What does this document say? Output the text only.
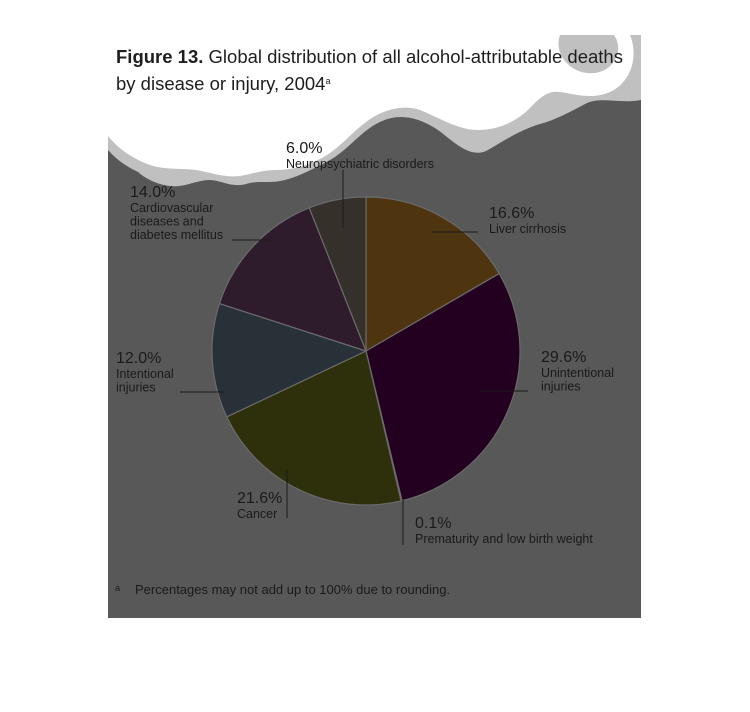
Figure 13. Global distribution of all alcohol-attributable deaths by disease or injury, 2004$^a$
16.6%
Liver cirrhosis
29.6%
Unintentional injuries
0.1%
Prematurity and low birth weight
21.6%
Cancer
12.0%
Intentional injuries
14.0%
Cardiovascular diseases and diabetes mellitus
6.0%
Neuropsychiatric disorders
a Percentages may not add up to 100% due to rounding.
